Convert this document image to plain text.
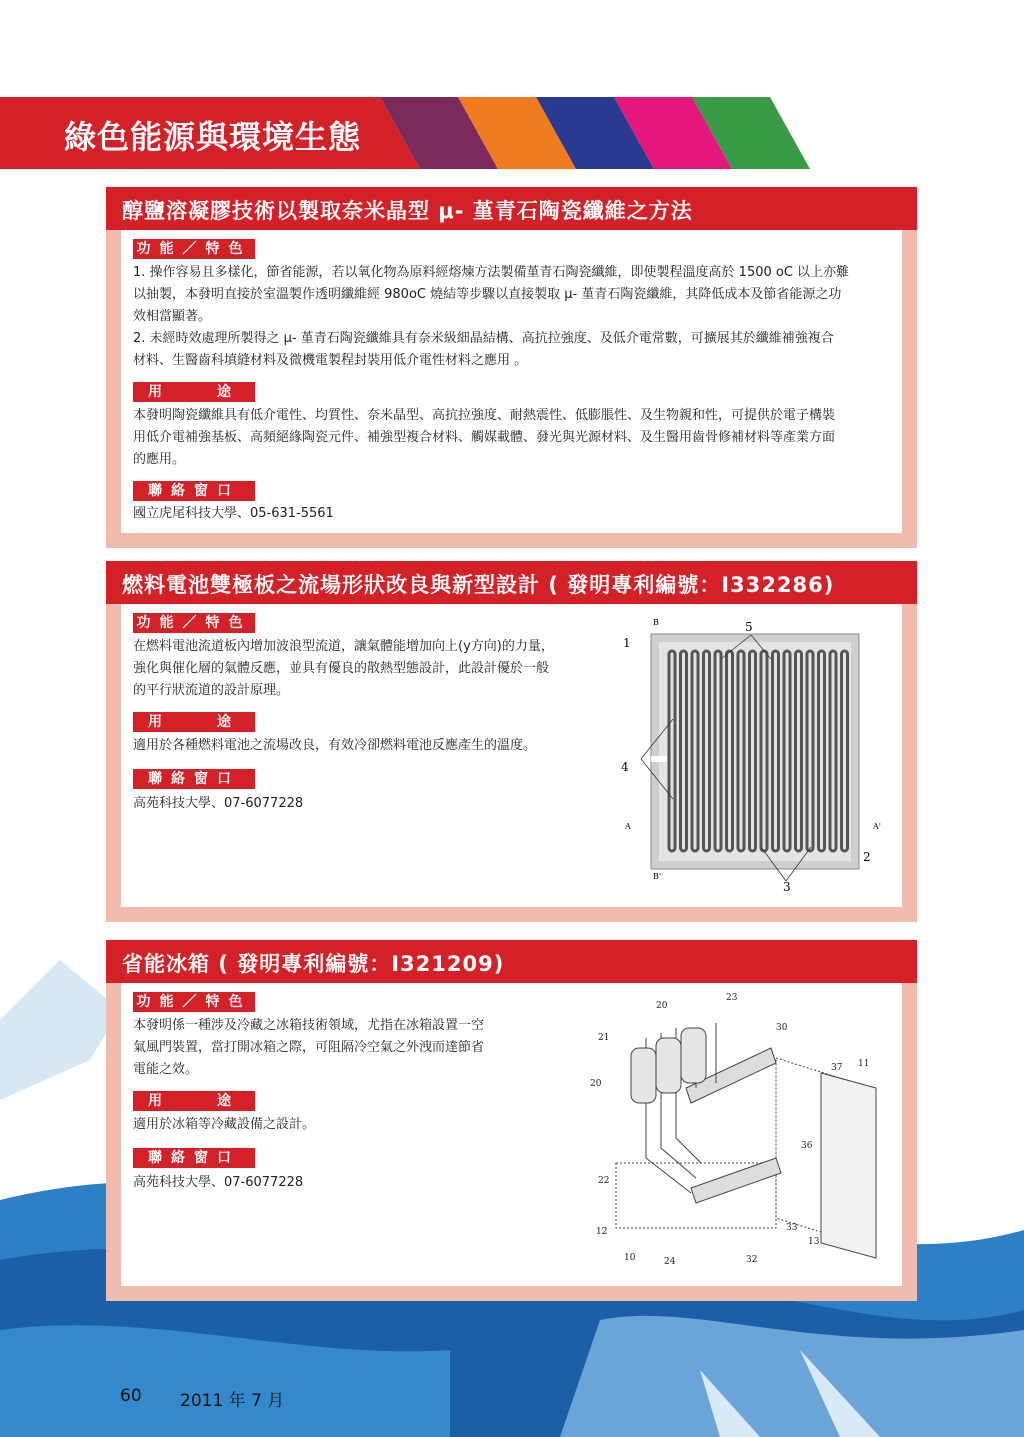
綠色能源與環境生態
醇鹽溶凝膠技術以製取奈米晶型 μ- 堇青石陶瓷纖維之方法
功能／特色
1. 操作容易且多樣化，節省能源，若以氧化物為原料經熔煉方法製備堇青石陶瓷纖維，即使製程溫度高於 1500 oC 以上亦難
以抽製，本發明直接於室溫製作透明纖維經 980oC 燒結等步驟以直接製取 μ- 堇青石陶瓷纖維，其降低成本及節省能源之功
效相當顯著。
2. 未經時效處理所製得之 μ- 堇青石陶瓷纖維具有奈米級細晶結構、高抗拉強度、及低介電常數，可擴展其於纖維補強複合
材料、生醫齒科填縫材料及微機電製程封裝用低介電性材料之應用 。
用　　途
本發明陶瓷纖維具有低介電性、均質性、奈米晶型、高抗拉強度、耐熱震性、低膨脹性、及生物親和性，可提供於電子構裝
用低介電補強基板、高頻絕緣陶瓷元件、補強型複合材料、觸媒載體、發光與光源材料、及生醫用齒骨修補材料等產業方面
的應用。
聯絡窗口
國立虎尾科技大學、05-631-5561
燃料電池雙極板之流場形狀改良與新型設計 ( 發明專利編號：I332286)
功能／特色
在燃料電池流道板內增加波浪型流道，讓氣體能增加向上(y方向)的力量，
強化與催化層的氣體反應，並具有優良的散熱型態設計，此設計優於一般
的平行狀流道的設計原理。
用　　途
適用於各種燃料電池之流場改良，有效冷卻燃料電池反應產生的溫度。
聯絡窗口
高苑科技大學、07-6077228
1
5
4
2
3
A	A'
B
B'
省能冰箱 ( 發明專利編號：I321209)
功能／特色
本發明係一種涉及冷藏之冰箱技術領域，尤指在冰箱設置一空
氣風門裝置，當打開冰箱之際，可阻隔冷空氣之外洩而達節省
電能之效。
用　　途
適用於冰箱等冷藏設備之設計。
聯絡窗口
高苑科技大學、07-6077228
20
23
30
21
37 11
20
36
22
33
13
12
10	24	32
60 2011 年 7 月
